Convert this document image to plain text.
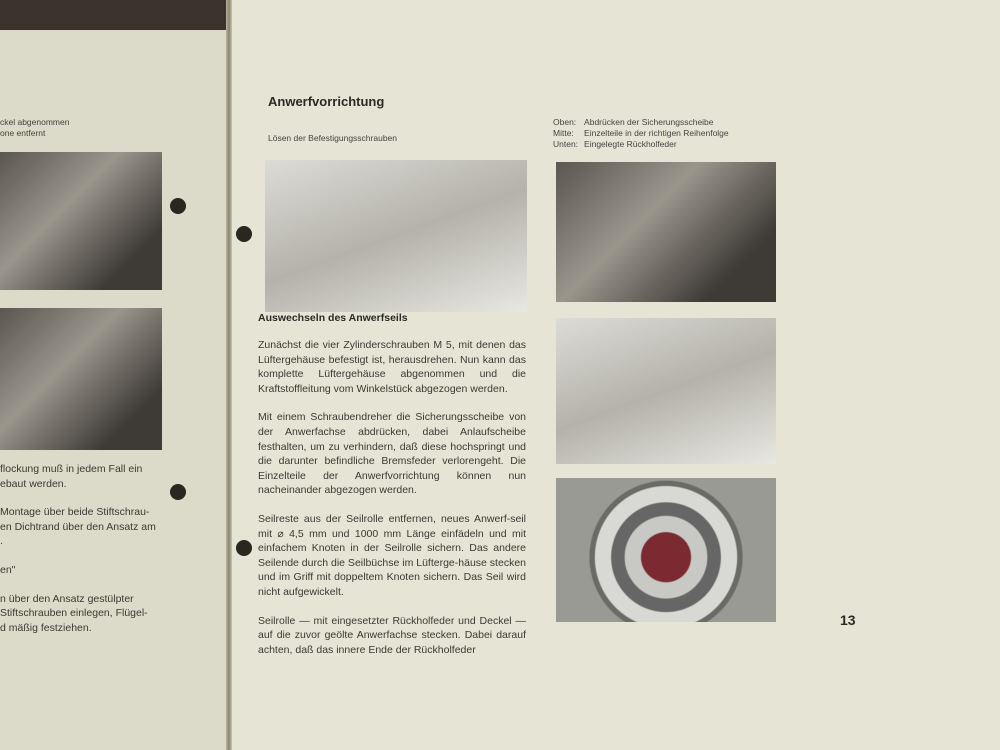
ckel abgenommen
one entfernt

flockung muß in jedem Fall ein
ebaut werden.

Montage über beide Stiftschrau-
en Dichtrand über den Ansatz am
.

en"

n über den Ansatz gestülpter
Stiftschrauben einlegen, Flügel-
d mäßig festziehen.

Anwerfvorrichtung
Lösen der Befestigungsschrauben
Oben:	Abdrücken der Sicherungsscheibe
Mitte:	Einzelteile in der richtigen Reihenfolge
Unten:	Eingelegte Rückholfeder
Auswechseln des Anwerfseils

Zunächst die vier Zylinderschrauben M 5, mit denen das Lüftergehäuse befestigt ist, herausdrehen. Nun kann das komplette Lüftergehäuse abgenommen und die Kraftstoffleitung vom Winkelstück abgezogen werden.

Mit einem Schraubendreher die Sicherungsscheibe von der Anwerfachse abdrücken, dabei Anlaufscheibe festhalten, um zu verhindern, daß diese hochspringt und die darunter befindliche Bremsfeder verlorengeht. Die Einzelteile der Anwerfvorrichtung können nun nacheinander abgezogen werden.

Seilreste aus der Seilrolle entfernen, neues Anwerf-seil mit ⌀ 4,5 mm und 1000 mm Länge einfädeln und mit einfachem Knoten in der Seilrolle sichern. Das andere Seilende durch die Seilbüchse im Lüfterge-häuse stecken und im Griff mit doppeltem Knoten sichern. Das Seil wird nicht aufgewickelt.

Seilrolle — mit eingesetzter Rückholfeder und Deckel — auf die zuvor geölte Anwerfachse stecken. Dabei darauf achten, daß das innere Ende der Rückholfeder

13
